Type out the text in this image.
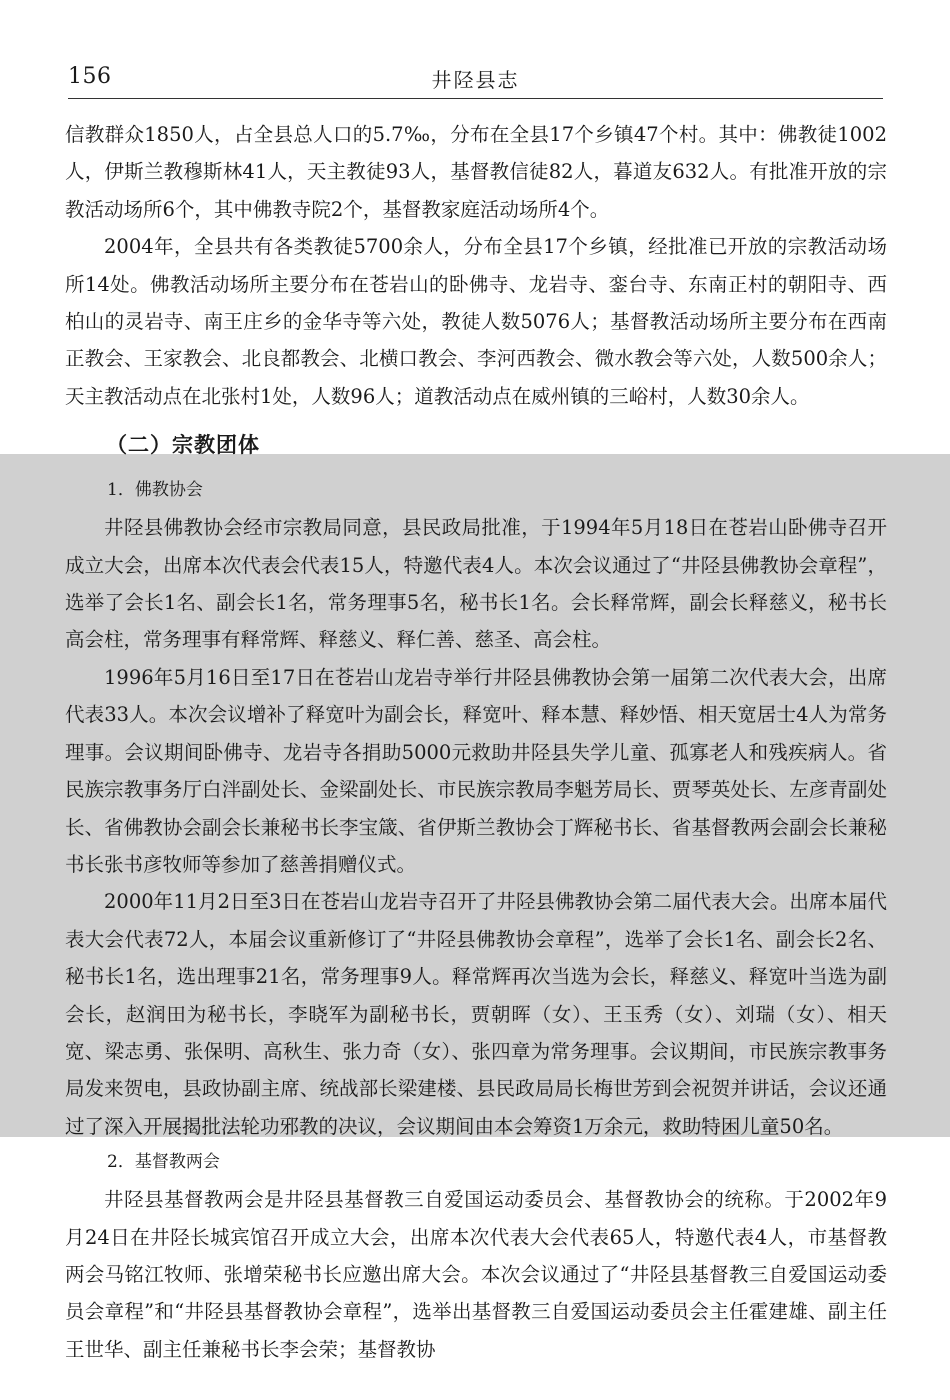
156	井陉县志

信教群众1850人，占全县总人口的5.7‰，分布在全县17个乡镇47个村。其中：佛教徒1002人，伊斯兰教穆斯林41人，天主教徒93人，基督教信徒82人，暮道友632人。有批准开放的宗教活动场所6个，其中佛教寺院2个，基督教家庭活动场所4个。

2004年，全县共有各类教徒5700余人，分布全县17个乡镇，经批准已开放的宗教活动场所14处。佛教活动场所主要分布在苍岩山的卧佛寺、龙岩寺、銮台寺、东南正村的朝阳寺、西柏山的灵岩寺、南王庄乡的金华寺等六处，教徒人数5076人；基督教活动场所主要分布在西南正教会、王家教会、北良都教会、北横口教会、李河西教会、微水教会等六处，人数500余人；天主教活动点在北张村1处，人数96人；道教活动点在威州镇的三峪村，人数30余人。

（二）宗教团体
1．佛教协会

井陉县佛教协会经市宗教局同意，县民政局批准，于1994年5月18日在苍岩山卧佛寺召开成立大会，出席本次代表会代表15人，特邀代表4人。本次会议通过了“井陉县佛教协会章程”，选举了会长1名、副会长1名，常务理事5名，秘书长1名。会长释常辉，副会长释慈义，秘书长高会柱，常务理事有释常辉、释慈义、释仁善、慈圣、高会柱。

1996年5月16日至17日在苍岩山龙岩寺举行井陉县佛教协会第一届第二次代表大会，出席代表33人。本次会议增补了释宽叶为副会长，释宽叶、释本慧、释妙悟、相天宽居士4人为常务理事。会议期间卧佛寺、龙岩寺各捐助5000元救助井陉县失学儿童、孤寡老人和残疾病人。省民族宗教事务厅白泮副处长、金梁副处长、市民族宗教局李魁芳局长、贾琴英处长、左彦青副处长、省佛教协会副会长兼秘书长李宝箴、省伊斯兰教协会丁辉秘书长、省基督教两会副会长兼秘书长张书彦牧师等参加了慈善捐赠仪式。

2000年11月2日至3日在苍岩山龙岩寺召开了井陉县佛教协会第二届代表大会。出席本届代表大会代表72人，本届会议重新修订了“井陉县佛教协会章程”，选举了会长1名、副会长2名、秘书长1名，选出理事21名，常务理事9人。释常辉再次当选为会长，释慈义、释宽叶当选为副会长，赵润田为秘书长，李晓军为副秘书长，贾朝晖（女）、王玉秀（女）、刘瑞（女）、相天宽、梁志勇、张保明、高秋生、张力奇（女）、张四章为常务理事。会议期间，市民族宗教事务局发来贺电，县政协副主席、统战部长梁建楼、县民政局局长梅世芳到会祝贺并讲话，会议还通过了深入开展揭批法轮功邪教的决议，会议期间由本会筹资1万余元，救助特困儿童50名。

2．基督教两会

井陉县基督教两会是井陉县基督教三自爱国运动委员会、基督教协会的统称。于2002年9月24日在井陉长城宾馆召开成立大会，出席本次代表大会代表65人，特邀代表4人，市基督教两会马铭江牧师、张增荣秘书长应邀出席大会。本次会议通过了“井陉县基督教三自爱国运动委员会章程”和“井陉县基督教协会章程”，选举出基督教三自爱国运动委员会主任霍建雄、副主任王世华、副主任兼秘书长李会荣；基督教协
